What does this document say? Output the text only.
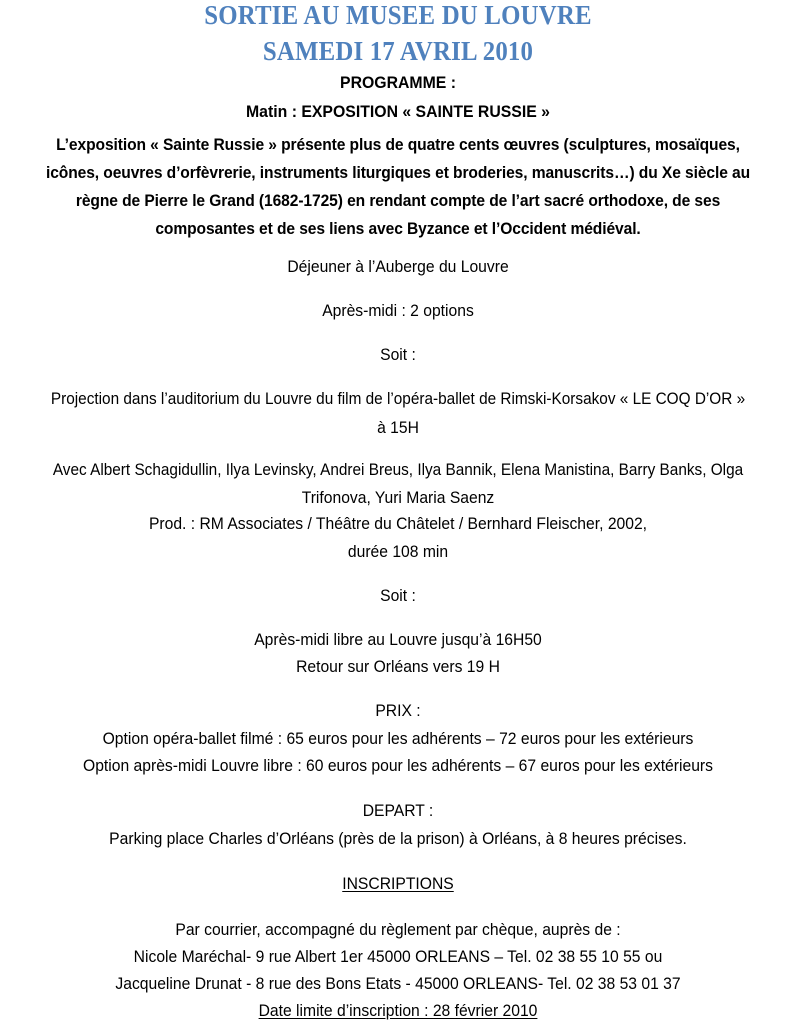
SORTIE AU MUSEE DU LOUVRE
SAMEDI 17 AVRIL 2010
PROGRAMME :
Matin : EXPOSITION « SAINTE RUSSIE »
L’exposition « Sainte Russie » présente plus de quatre cents œuvres (sculptures, mosaïques, icônes, oeuvres d’orfèvrerie, instruments liturgiques et broderies, manuscrits…) du Xe siècle au règne de Pierre le Grand (1682-1725) en rendant compte de l’art sacré orthodoxe, de ses composantes et de ses liens avec Byzance et l’Occident médiéval.
Déjeuner à l’Auberge du Louvre
Après-midi : 2 options
Soit :
Projection dans l’auditorium du Louvre du film de l’opéra-ballet de Rimski-Korsakov « LE COQ D’OR »
à 15H
Avec Albert Schagidullin, Ilya Levinsky, Andrei Breus, Ilya Bannik, Elena Manistina, Barry Banks, Olga
Trifonova, Yuri Maria Saenz
Prod. : RM Associates / Théâtre du Châtelet / Bernhard Fleischer, 2002,
durée 108 min
Soit :
Après-midi libre au Louvre jusqu’à 16H50
Retour sur Orléans vers 19 H
PRIX :
Option opéra-ballet filmé : 65 euros pour les adhérents – 72 euros pour les extérieurs
Option après-midi Louvre libre : 60 euros pour les adhérents – 67 euros pour les extérieurs
DEPART :
Parking place Charles d’Orléans (près de la prison) à Orléans, à 8 heures précises.
INSCRIPTIONS
Par courrier, accompagné du règlement par chèque, auprès de :
Nicole Maréchal- 9 rue Albert 1er 45000 ORLEANS – Tel. 02 38 55 10 55 ou
Jacqueline Drunat - 8 rue des Bons Etats - 45000 ORLEANS- Tel. 02 38 53 01 37
Date limite d’inscription : 28 février 2010
